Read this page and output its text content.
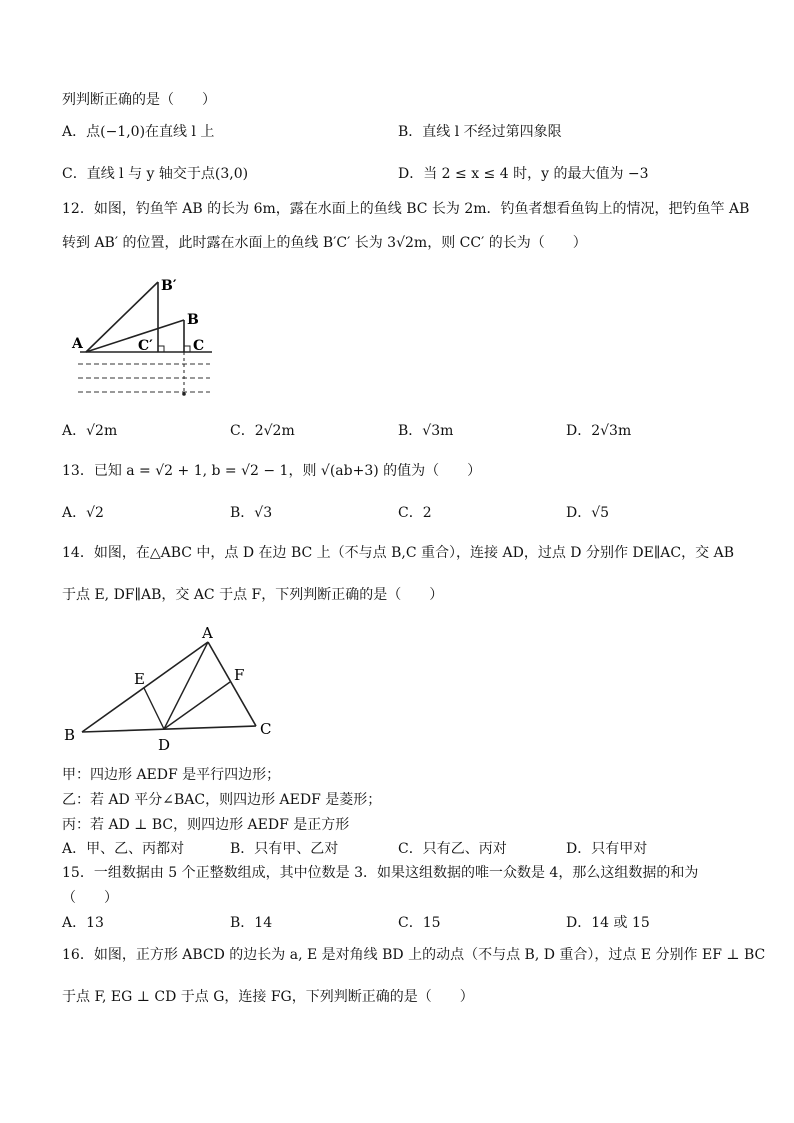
列判断正确的是（　　）
A．点(−1,0)在直线 l 上	B．直线 l 不经过第四象限
C．直线 l 与 y 轴交于点(3,0)	D．当 2 ≤ x ≤ 4 时，y 的最大值为 −3
12．如图，钓鱼竿 AB 的长为 6m，露在水面上的鱼线 BC 长为 2m．钓鱼者想看鱼钩上的情况，把钓鱼竿 AB
转到 AB′ 的位置，此时露在水面上的鱼线 B′C′ 长为 3√2m，则 CC′ 的长为（　　）
A
B′
B
C′	C
A．√2m	C．2√2m	B．√3m	D．2√3m
13．已知 a = √2 + 1, b = √2 − 1，则 √(ab+3) 的值为（　　）
A．√2	B．√3	C．2	D．√5
14．如图，在△ABC 中，点 D 在边 BC 上（不与点 B,C 重合），连接 AD，过点 D 分别作 DE∥AC，交 AB
于点 E, DF∥AB，交 AC 于点 F，下列判断正确的是（　　）
A
B	C
D
E	F
甲：四边形 AEDF 是平行四边形；
乙：若 AD 平分∠BAC，则四边形 AEDF 是菱形；
丙：若 AD ⊥ BC，则四边形 AEDF 是正方形
A．甲、乙、丙都对	B．只有甲、乙对	C．只有乙、丙对	D．只有甲对
15．一组数据由 5 个正整数组成，其中位数是 3．如果这组数据的唯一众数是 4，那么这组数据的和为
（　　）
A．13	B．14	C．15	D．14 或 15
16．如图，正方形 ABCD 的边长为 a, E 是对角线 BD 上的动点（不与点 B, D 重合），过点 E 分别作 EF ⊥ BC
于点 F, EG ⊥ CD 于点 G，连接 FG，下列判断正确的是（　　）
